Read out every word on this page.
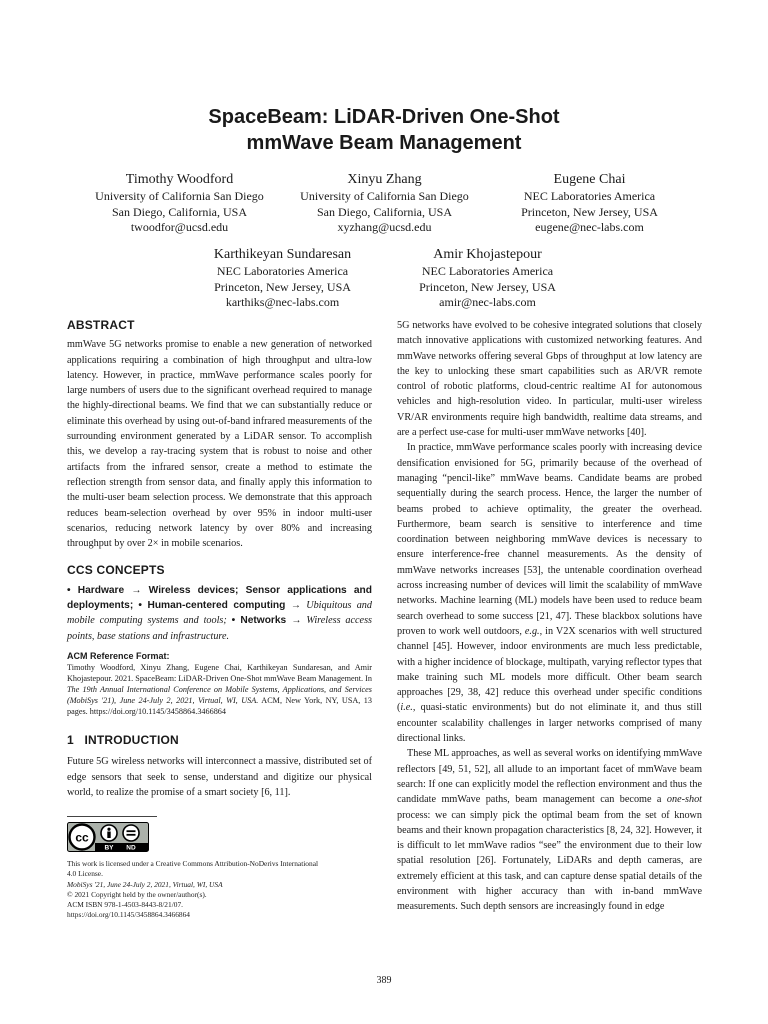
SpaceBeam: LiDAR-Driven One-Shot
mmWave Beam Management
Timothy Woodford
University of California San Diego
San Diego, California, USA
twoodfor@ucsd.edu
Xinyu Zhang
University of California San Diego
San Diego, California, USA
xyzhang@ucsd.edu
Eugene Chai
NEC Laboratories America
Princeton, New Jersey, USA
eugene@nec-labs.com
Karthikeyan Sundaresan
NEC Laboratories America
Princeton, New Jersey, USA
karthiks@nec-labs.com
Amir Khojastepour
NEC Laboratories America
Princeton, New Jersey, USA
amir@nec-labs.com
ABSTRACT

mmWave 5G networks promise to enable a new generation of networked applications requiring a combination of high throughput and ultra-low latency. However, in practice, mmWave performance scales poorly for large numbers of users due to the significant overhead required to manage the highly-directional beams. We find that we can substantially reduce or eliminate this overhead by using out-of-band infrared measurements of the surrounding environment generated by a LiDAR sensor. To accomplish this, we develop a ray-tracing system that is robust to noise and other artifacts from the infrared sensor, create a method to estimate the reflection strength from sensor data, and finally apply this information to the multi-user beam selection process. We demonstrate that this approach reduces beam-selection overhead by over 95% in indoor multi-user scenarios, reducing network latency by over 80% and increasing throughput by over 2× in mobile scenarios.

CCS CONCEPTS

• Hardware → Wireless devices; Sensor applications and deployments; • Human-centered computing → Ubiquitous and mobile computing systems and tools; • Networks → Wireless access points, base stations and infrastructure.

ACM Reference Format:

Timothy Woodford, Xinyu Zhang, Eugene Chai, Karthikeyan Sundaresan, and Amir Khojastepour. 2021. SpaceBeam: LiDAR-Driven One-Shot mmWave Beam Management. In The 19th Annual International Conference on Mobile Systems, Applications, and Services (MobiSys '21), June 24-July 2, 2021, Virtual, WI, USA. ACM, New York, NY, USA, 13 pages. https://doi.org/10.1145/3458864.3466864

1 INTRODUCTION

Future 5G wireless networks will interconnect a massive, distributed set of edge sensors that seek to sense, understand and digitize our physical world, to realize the promise of a smart society [6, 11].

cc
BY ND
This work is licensed under a Creative Commons Attribution-NoDerivs International 4.0 License.
MobiSys '21, June 24-July 2, 2021, Virtual, WI, USA
© 2021 Copyright held by the owner/author(s).
ACM ISBN 978-1-4503-8443-8/21/07.
https://doi.org/10.1145/3458864.3466864

5G networks have evolved to be cohesive integrated solutions that closely match innovative applications with customized networking features. And mmWave networks offering several Gbps of throughput at low latency are the key to unlocking these smart capabilities such as AR/VR remote control of robotic platforms, cloud-centric realtime AI for autonomous vehicles and high-resolution video. In particular, multi-user wireless VR/AR environments require high bandwidth, realtime data streams, and are a perfect use-case for multi-user mmWave networks [40].

In practice, mmWave performance scales poorly with increasing device densification envisioned for 5G, primarily because of the overhead of managing “pencil-like” mmWave beams. Candidate beams are probed sequentially during the search process. Hence, the larger the number of beams probed to achieve optimality, the greater the overhead. Furthermore, beam search is sensitive to interference and time coordination between neighboring mmWave devices is necessary to ensure interference-free channel measurements. As the density of mmWave networks increases [53], the untenable coordination overhead across increasing number of devices will limit the scalability of mmWave networks. Machine learning (ML) models have been used to reduce beam search overhead to some success [21, 47]. These blackbox solutions have proven to work well outdoors, e.g., in V2X scenarios with well structured channel [45]. However, indoor environments are much less predictable, with a higher incidence of blockage, multipath, varying reflector types that make training such ML models more difficult. Other beam search approaches [29, 38, 42] reduce this overhead under specific conditions (i.e., quasi-static environments) but do not eliminate it, and thus still encounter scalability challenges in larger networks comprised of many directional links.

These ML approaches, as well as several works on identifying mmWave reflectors [49, 51, 52], all allude to an important facet of mmWave beam search: If one can explicitly model the reflection environment and thus the candidate mmWave paths, beam management can become a one-shot process: we can simply pick the optimal beam from the set of known beams and their known propagation characteristics [8, 24, 32]. However, it is difficult to let mmWave radios “see” the environment due to their low spatial resolution [26]. Fortunately, LiDARs and depth cameras, are extremely efficient at this task, and can capture dense spatial details of the environment with higher accuracy than with in-band mmWave measurements. Such depth sensors are increasingly found in edge

389
